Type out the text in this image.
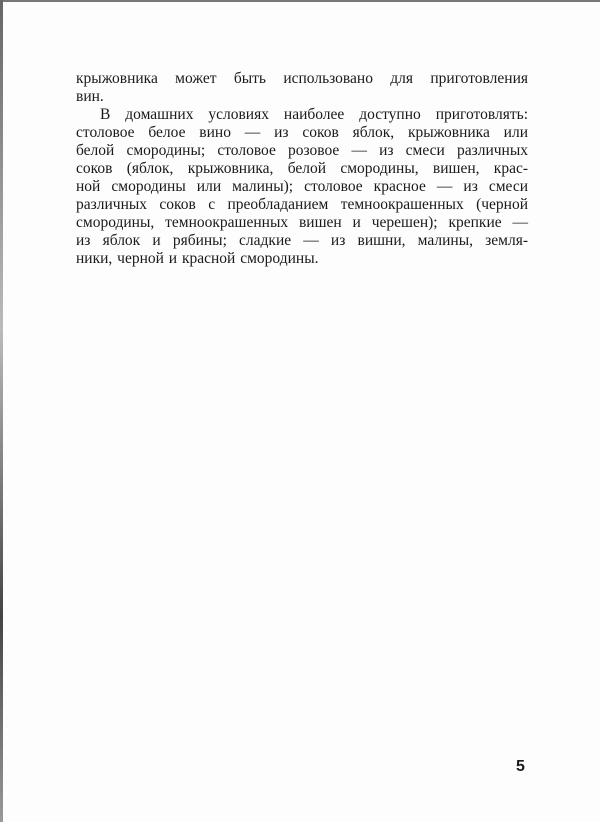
крыжовника может быть использовано для приготовления
вин.
В домашних условиях наиболее доступно приготовлять:
столовое белое вино — из соков яблок, крыжовника или
белой смородины; столовое розовое — из смеси различных
соков (яблок, крыжовника, белой смородины, вишен, крас-
ной смородины или малины); столовое красное — из смеси
различных соков с преобладанием темноокрашенных (черной
смородины, темноокрашенных вишен и черешен); крепкие —
из яблок и рябины; сладкие — из вишни, малины, земля-
ники, черной и красной смородины.
5
